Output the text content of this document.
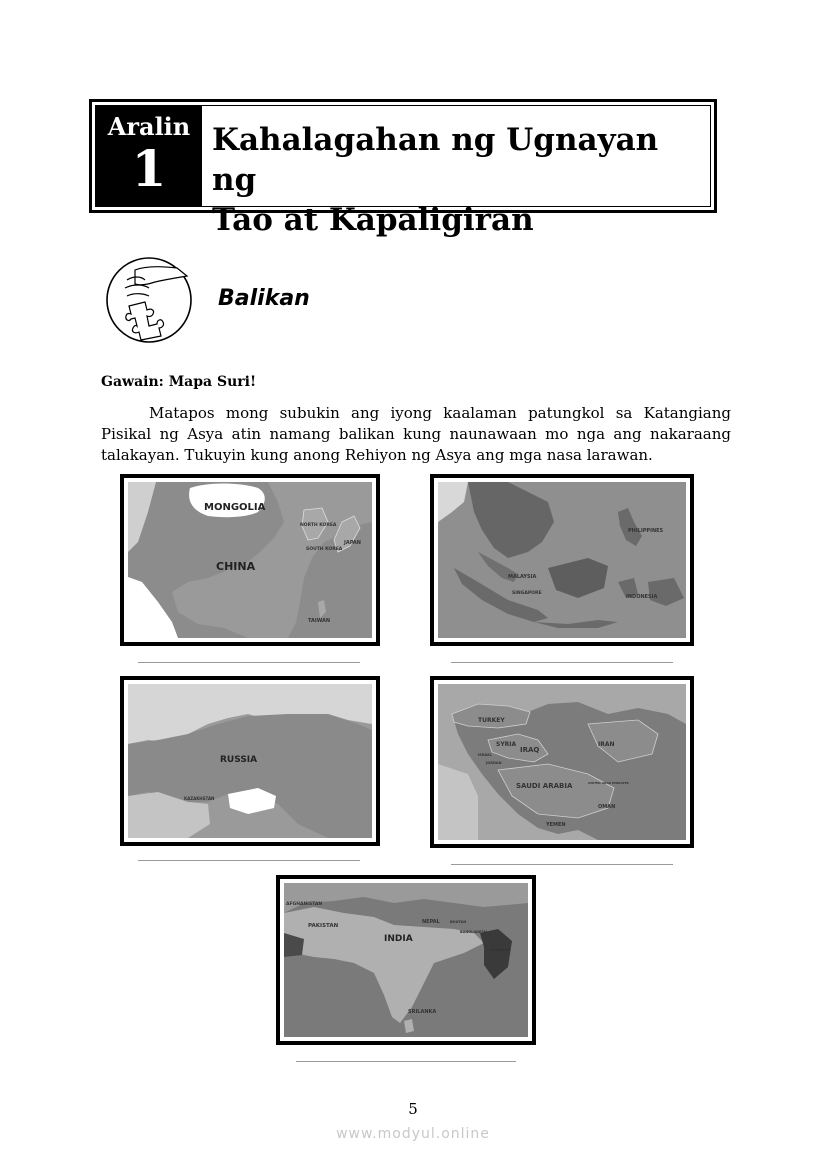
Aralin
1	Kahalagahan ng Ugnayan ng
Tao at Kapaligiran
Balikan
Gawain: Mapa Suri!

Matapos mong subukin ang iyong kaalaman patungkol sa Katangiang Pisikal ng Asya atin namang balikan kung naunawaan mo nga ang nakaraang talakayan. Tukuyin kung anong Rehiyon ng Asya ang mga nasa larawan.

MONGOLIA
CHINA
NORTH KOREA
SOUTH KOREA
JAPAN
TAIWAN
MALAYSIA
SINGAPORE
PHILIPPINES
INDONESIA
RUSSIA
KAZAKHSTAN
TURKEY
SYRIA
ISRAEL
JORDAN
IRAQ
IRAN
SAUDI ARABIA	UNITED ARAB EMIRATES
OMAN
YEMEN
AFGHANISTAN
PAKISTAN
INDIA
NEPAL	BHUTAN
BANGLADESH
MYANMAR
SRILANKA
5
www.modyul.online
